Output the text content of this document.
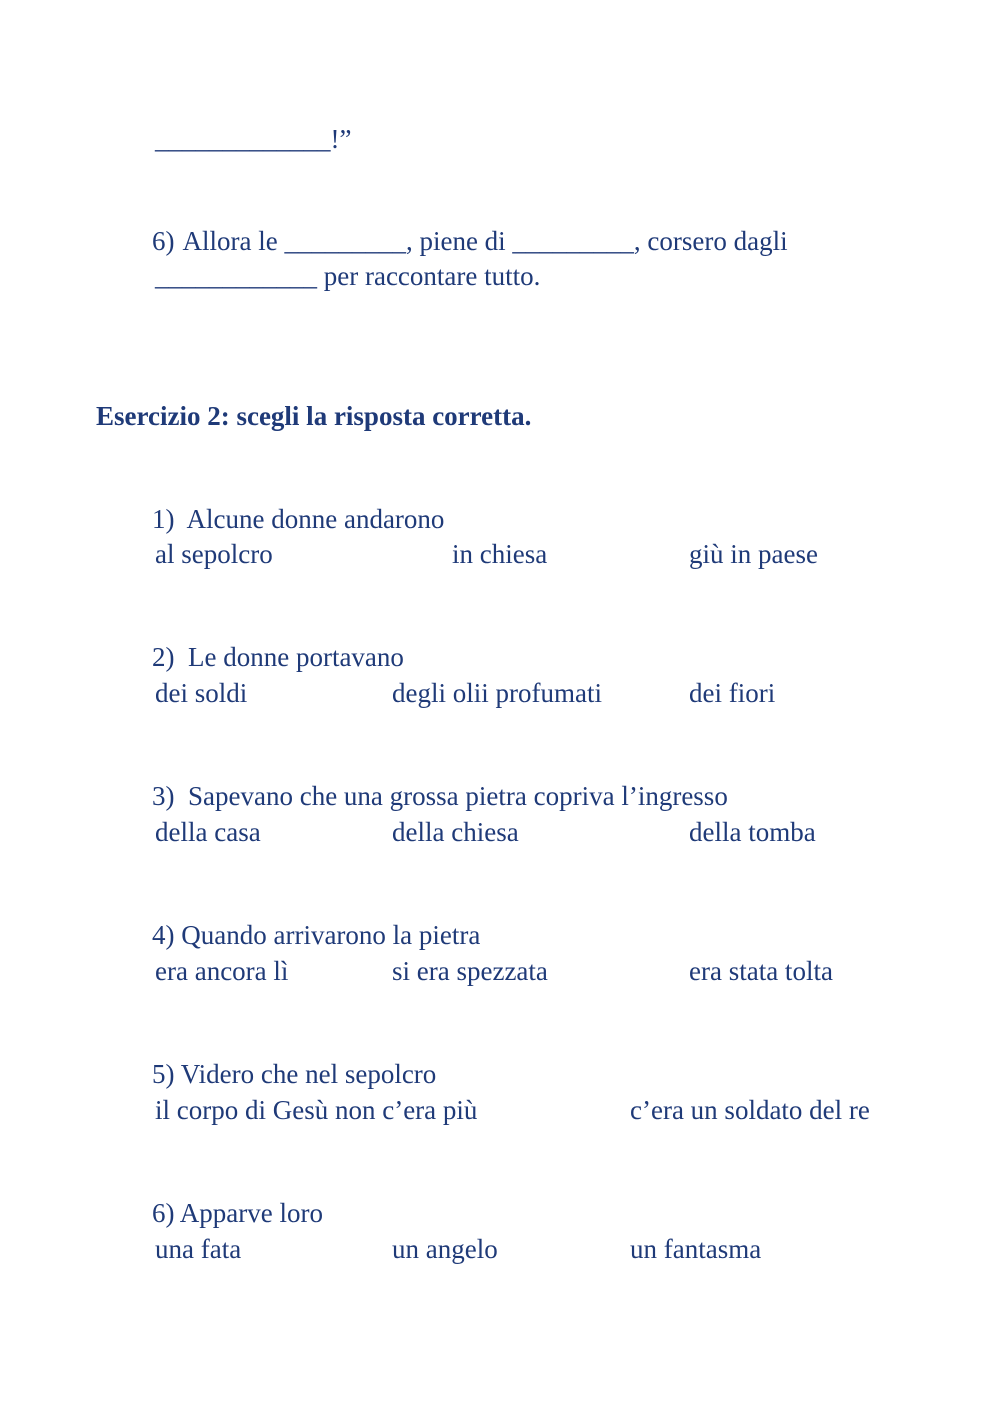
_____________!”

6) Allora le _________, piene di _________, corsero dagli

____________ per raccontare tutto.
Esercizio 2: scegli la risposta corretta.

1) Alcune donne andarono

al sepolcro	in chiesa	giù in paese

2) Le donne portavano

dei soldi	degli olii profumati	dei fiori

3) Sapevano che una grossa pietra copriva l’ingresso

della casa	della chiesa	della tomba

4) Quando arrivarono la pietra

era ancora lì	si era spezzata	era stata tolta

5) Videro che nel sepolcro

il corpo di Gesù non c’era più	c’era un soldato del re

6) Apparve loro

una fata	un angelo	un fantasma
